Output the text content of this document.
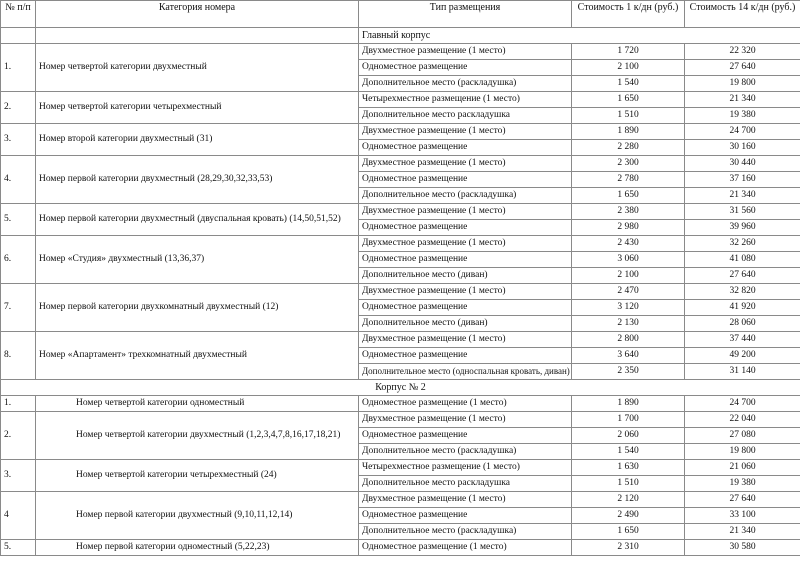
№ п/п	Категория номера	Тип размещения	Стоимость 1 к/дн (руб.)	Стоимость 14 к/дн (руб.)
		Главный корпус		
1.	Номер четвертой категории двухместный	Двухместное размещение (1 место)	1 720	22 320
		Одноместное размещение	2 100	27 640
		Дополнительное место (раскладушка)	1 540	19 800
2.	Номер четвертой категории четырехместный	Четырехместное размещение (1 место)	1 650	21 340
		Дополнительное место раскладушка	1 510	19 380
3.	Номер второй категории двухместный (31)	Двухместное размещение (1 место)	1 890	24 700
		Одноместное размещение	2 280	30 160
4.	Номер первой категории двухместный (28,29,30,32,33,53)	Двухместное размещение (1 место)	2 300	30 440
		Одноместное размещение	2 780	37 160
		Дополнительное место (раскладушка)	1 650	21 340
5.	Номер первой категории двухместный (двуспальная кровать) (14,50,51,52)	Двухместное размещение (1 место)	2 380	31 560
		Одноместное размещение	2 980	39 960
6.	Номер «Студия» двухместный (13,36,37)	Двухместное размещение (1 место)	2 430	32 260
		Одноместное размещение	3 060	41 080
		Дополнительное место (диван)	2 100	27 640
7.	Номер первой категории двухкомнатный двухместный (12)	Двухместное размещение (1 место)	2 470	32 820
		Одноместное размещение	3 120	41 920
		Дополнительное место (диван)	2 130	28 060
8.	Номер «Апартамент» трехкомнатный двухместный	Двухместное размещение (1 место)	2 800	37 440
		Одноместное размещение	3 640	49 200
		Дополнительное место (односпальная кровать, диван)	2 350	31 140
Корпус № 2				
1.	Номер четвертой категории одноместный	Одноместное размещение (1 место)	1 890	24 700
2.	Номер четвертой категории двухместный (1,2,3,4,7,8,16,17,18,21)	Двухместное размещение (1 место)	1 700	22 040
		Одноместное размещение	2 060	27 080
		Дополнительное место (раскладушка)	1 540	19 800
3.	Номер четвертой категории четырехместный (24)	Четырехместное размещение (1 место)	1 630	21 060
		Дополнительное место раскладушка	1 510	19 380
4	Номер первой категории двухместный (9,10,11,12,14)	Двухместное размещение (1 место)	2 120	27 640
		Одноместное размещение	2 490	33 100
		Дополнительное место (раскладушка)	1 650	21 340
5.	Номер первой категории одноместный (5,22,23)	Одноместное размещение (1 место)	2 310	30 580
